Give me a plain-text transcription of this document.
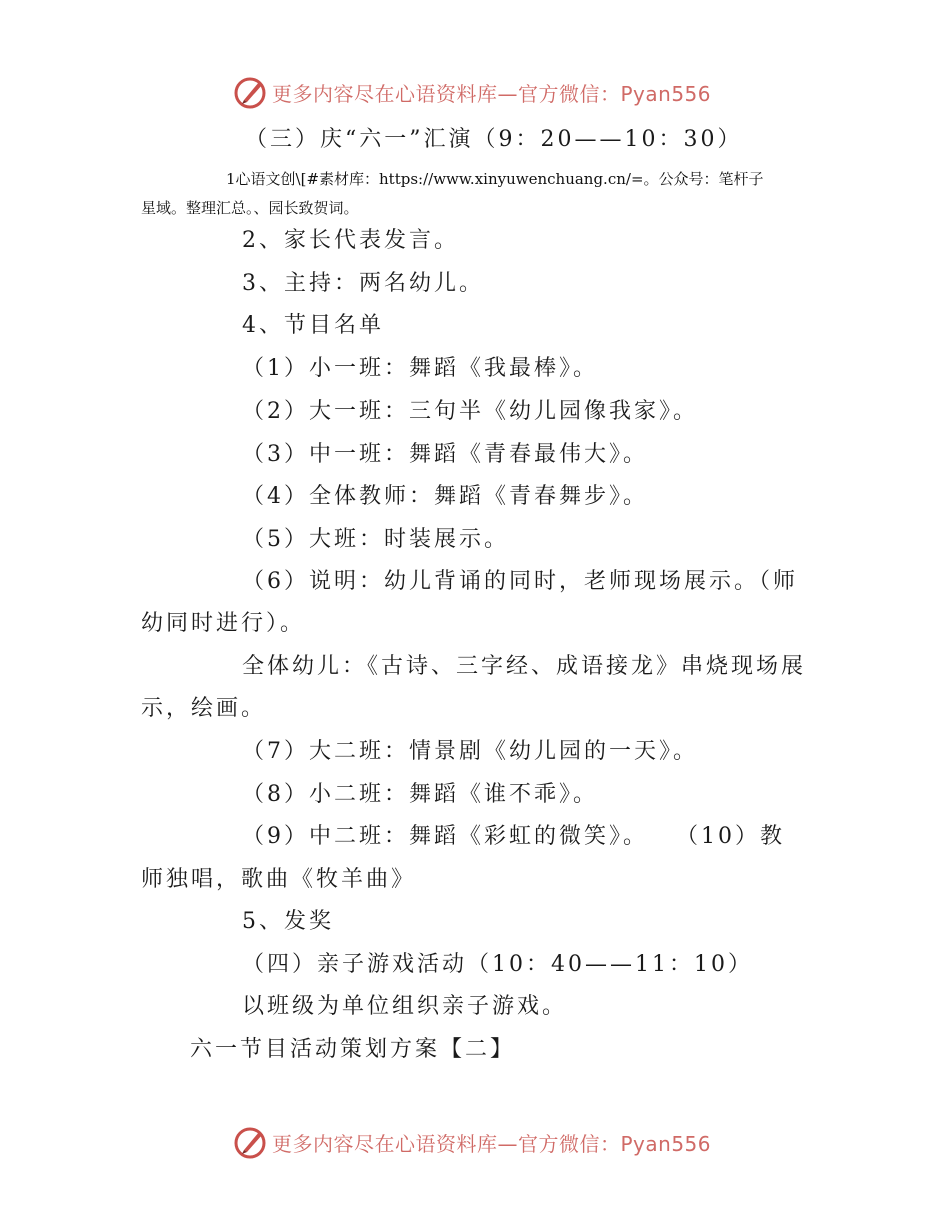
更多内容尽在心语资料库—官方微信：Pyan556
（三）庆“六一”汇演（9：20——10：30）
1心语文创\[#素材库：https://www.xinyuwenchuang.cn/=。公众号：笔杆子
星域。整理汇总。、园长致贺词。
2、家长代表发言。
3、主持：两名幼儿。
4、节目名单
（1）小一班：舞蹈《我最棒》。
（2）大一班：三句半《幼儿园像我家》。
（3）中一班：舞蹈《青春最伟大》。
（4）全体教师：舞蹈《青春舞步》。
（5）大班：时装展示。
（6）说明：幼儿背诵的同时，老师现场展示。（师
幼同时进行）。
全体幼儿：《古诗、三字经、成语接龙》串烧现场展
示，绘画。
（7）大二班：情景剧《幼儿园的一天》。
（8）小二班：舞蹈《谁不乖》。
（9）中二班：舞蹈《彩虹的微笑》。　　（10）教
师独唱，歌曲《牧羊曲》
5、发奖
（四）亲子游戏活动（10：40——11：10）
以班级为单位组织亲子游戏。
六一节目活动策划方案【二】
更多内容尽在心语资料库—官方微信：Pyan556
